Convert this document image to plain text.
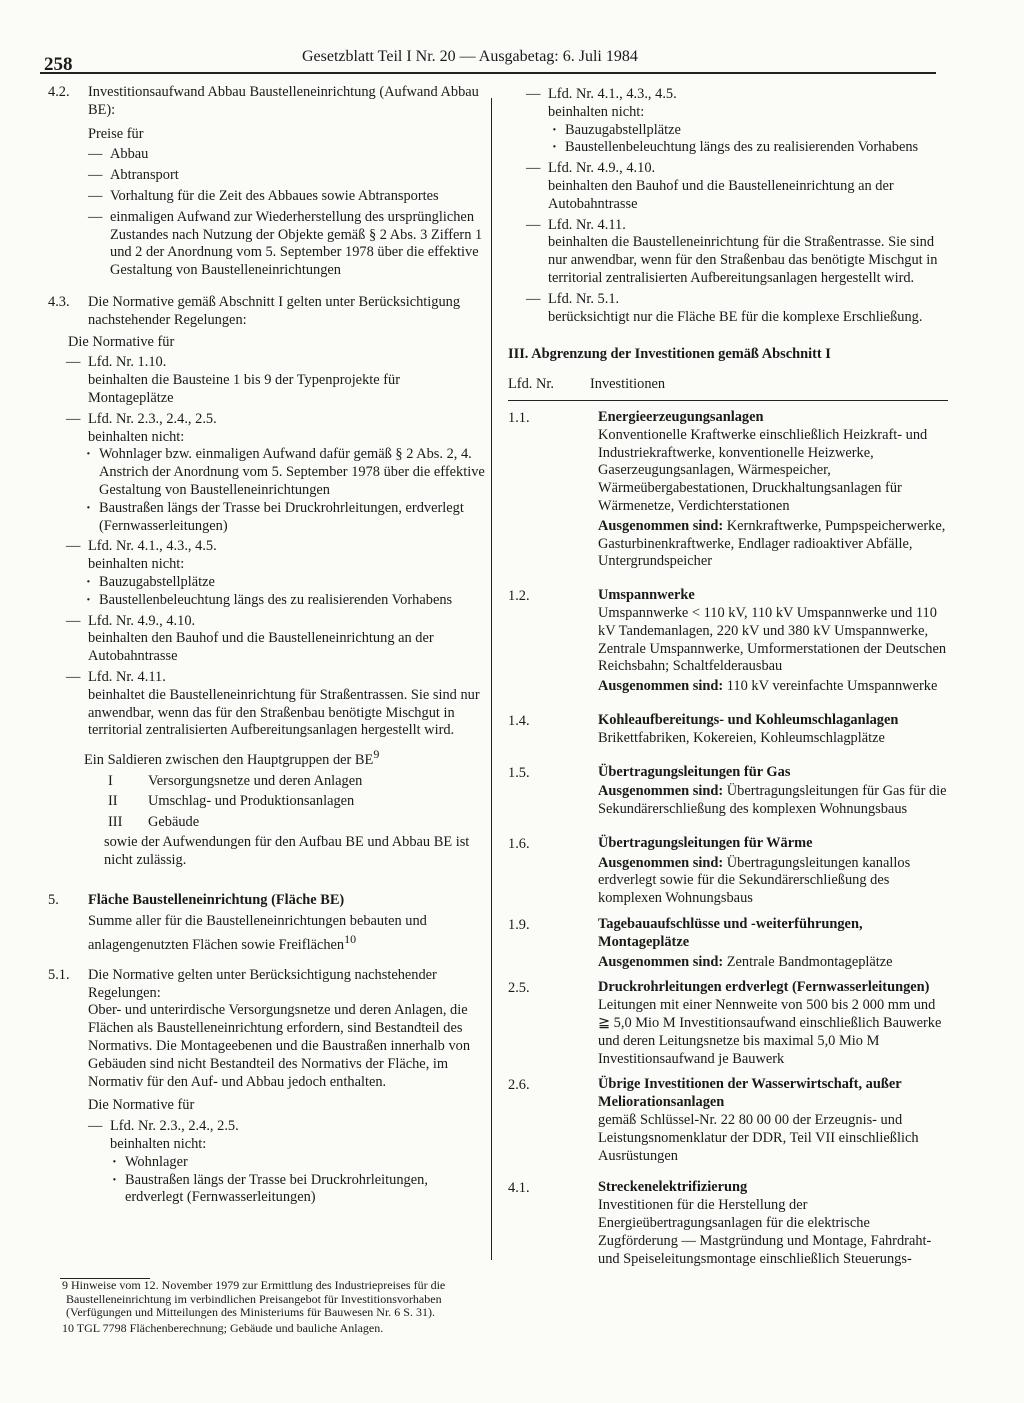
258	Gesetzblatt Teil I Nr. 20 — Ausgabetag: 6. Juli 1984
4.2. Investitionsaufwand Abbau Baustelleneinrichtung (Aufwand Abbau BE):
Preise für
— Abbau
— Abtransport
— Vorhaltung für die Zeit des Abbaues sowie Abtransportes
— einmaligen Aufwand zur Wiederherstellung des ursprünglichen Zustandes nach Nutzung der Objekte gemäß § 2 Abs. 3 Ziffern 1 und 2 der Anordnung vom 5. September 1978 über die effektive Gestaltung von Baustelleneinrichtungen
4.3. Die Normative gemäß Abschnitt I gelten unter Berücksichtigung nachstehender Regelungen:
Die Normative für
— Lfd. Nr. 1.10.
beinhalten die Bausteine 1 bis 9 der Typenprojekte für Montageplätze
— Lfd. Nr. 2.3., 2.4., 2.5.
beinhalten nicht:
· Wohnlager bzw. einmaligen Aufwand dafür gemäß § 2 Abs. 2, 4. Anstrich der Anordnung vom 5. September 1978 über die effektive Gestaltung von Baustelleneinrichtungen
· Baustraßen längs der Trasse bei Druckrohrleitungen, erdverlegt (Fernwasserleitungen)
— Lfd. Nr. 4.1., 4.3., 4.5.
beinhalten nicht:
· Bauzugabstellplätze
· Baustellenbeleuchtung längs des zu realisierenden Vorhabens
— Lfd. Nr. 4.9., 4.10.
beinhalten den Bauhof und die Baustelleneinrichtung an der Autobahntrasse
— Lfd. Nr. 4.11.
beinhaltet die Baustelleneinrichtung für Straßentrassen. Sie sind nur anwendbar, wenn das für den Straßenbau benötigte Mischgut in territorial zentralisierten Aufbereitungsanlagen hergestellt wird.
Ein Saldieren zwischen den Hauptgruppen der $BE^9$
I Versorgungsnetze und deren Anlagen
II Umschlag- und Produktionsanlagen
III Gebäude
sowie der Aufwendungen für den Aufbau BE und Abbau BE ist nicht zulässig.
5. Fläche Baustelleneinrichtung (Fläche BE)
Summe aller für die Baustelleneinrichtungen bebauten und anlagengenutzten Flächen sowie Freiflächen$^{10}$
5.1. Die Normative gelten unter Berücksichtigung nachstehender Regelungen:
Ober- und unterirdische Versorgungsnetze und deren Anlagen, die Flächen als Baustelleneinrichtung erfordern, sind Bestandteil des Normativs. Die Montageebenen und die Baustraßen innerhalb von Gebäuden sind nicht Bestandteil des Normativs der Fläche, im Normativ für den Auf- und Abbau jedoch enthalten.
Die Normative für
— Lfd. Nr. 2.3., 2.4., 2.5.
beinhalten nicht:
· Wohnlager
· Baustraßen längs der Trasse bei Druckrohrleitungen, erdverlegt (Fernwasserleitungen)
9 Hinweise vom 12. November 1979 zur Ermittlung des Industriepreises für die Baustelleneinrichtung im verbindlichen Preisangebot für Investitionsvorhaben (Verfügungen und Mitteilungen des Ministeriums für Bauwesen Nr. 6 S. 31).
10 TGL 7798 Flächenberechnung; Gebäude und bauliche Anlagen.
— Lfd. Nr. 4.1., 4.3., 4.5.
beinhalten nicht:
· Bauzugabstellplätze
· Baustellenbeleuchtung längs des zu realisierenden Vorhabens
— Lfd. Nr. 4.9., 4.10.
beinhalten den Bauhof und die Baustelleneinrichtung an der Autobahntrasse
— Lfd. Nr. 4.11.
beinhalten die Baustelleneinrichtung für die Straßentrasse. Sie sind nur anwendbar, wenn für den Straßenbau das benötigte Mischgut in territorial zentralisierten Aufbereitungsanlagen hergestellt wird.
— Lfd. Nr. 5.1.
berücksichtigt nur die Fläche BE für die komplexe Erschließung.
III. Abgrenzung der Investitionen gemäß Abschnitt I
Lfd. Nr.	Investitionen
1.1.	Energieerzeugungsanlagen
Konventionelle Kraftwerke einschließlich Heizkraft- und Industriekraftwerke, konventionelle Heizwerke, Gaserzeugungsanlagen, Wärmespeicher, Wärmeübergabestationen, Druckhaltungsanlagen für Wärmenetze, Verdichterstationen
Ausgenommen sind: Kernkraftwerke, Pumpspeicherwerke, Gasturbinenkraftwerke, Endlager radioaktiver Abfälle, Untergrundspeicher
1.2.	Umspannwerke
Umspannwerke < 110 kV, 110 kV Umspannwerke und 110 kV Tandemanlagen, 220 kV und 380 kV Umspannwerke, Zentrale Umspannwerke, Umformerstationen der Deutschen Reichsbahn; Schaltfelderausbau
Ausgenommen sind: 110 kV vereinfachte Umspannwerke
1.4.	Kohleaufbereitungs- und Kohleumschlaganlagen
Brikettfabriken, Kokereien, Kohleumschlagplätze
1.5.	Übertragungsleitungen für Gas
Ausgenommen sind: Übertragungsleitungen für Gas für die Sekundärerschließung des komplexen Wohnungsbaus
1.6.	Übertragungsleitungen für Wärme
Ausgenommen sind: Übertragungsleitungen kanallos erdverlegt sowie für die Sekundärerschließung des komplexen Wohnungsbaus
1.9.	Tagebauaufschlüsse und -weiterführungen, Montageplätze
Ausgenommen sind: Zentrale Bandmontageplätze
2.5.	Druckrohrleitungen erdverlegt (Fernwasserleitungen)
Leitungen mit einer Nennweite von 500 bis 2 000 mm und ≧ 5,0 Mio M Investitionsaufwand einschließlich Bauwerke und deren Leitungsnetze bis maximal 5,0 Mio M Investitionsaufwand je Bauwerk
2.6.	Übrige Investitionen der Wasserwirtschaft, außer Meliorationsanlagen
gemäß Schlüssel-Nr. 22 80 00 00 der Erzeugnis- und Leistungsnomenklatur der DDR, Teil VII einschließlich Ausrüstungen
4.1.	Streckenelektrifizierung
Investitionen für die Herstellung der Energieübertragungsanlagen für die elektrische Zugförderung — Mastgründung und Montage, Fahrdraht- und Speiseleitungsmontage einschließlich Steuerungs-
